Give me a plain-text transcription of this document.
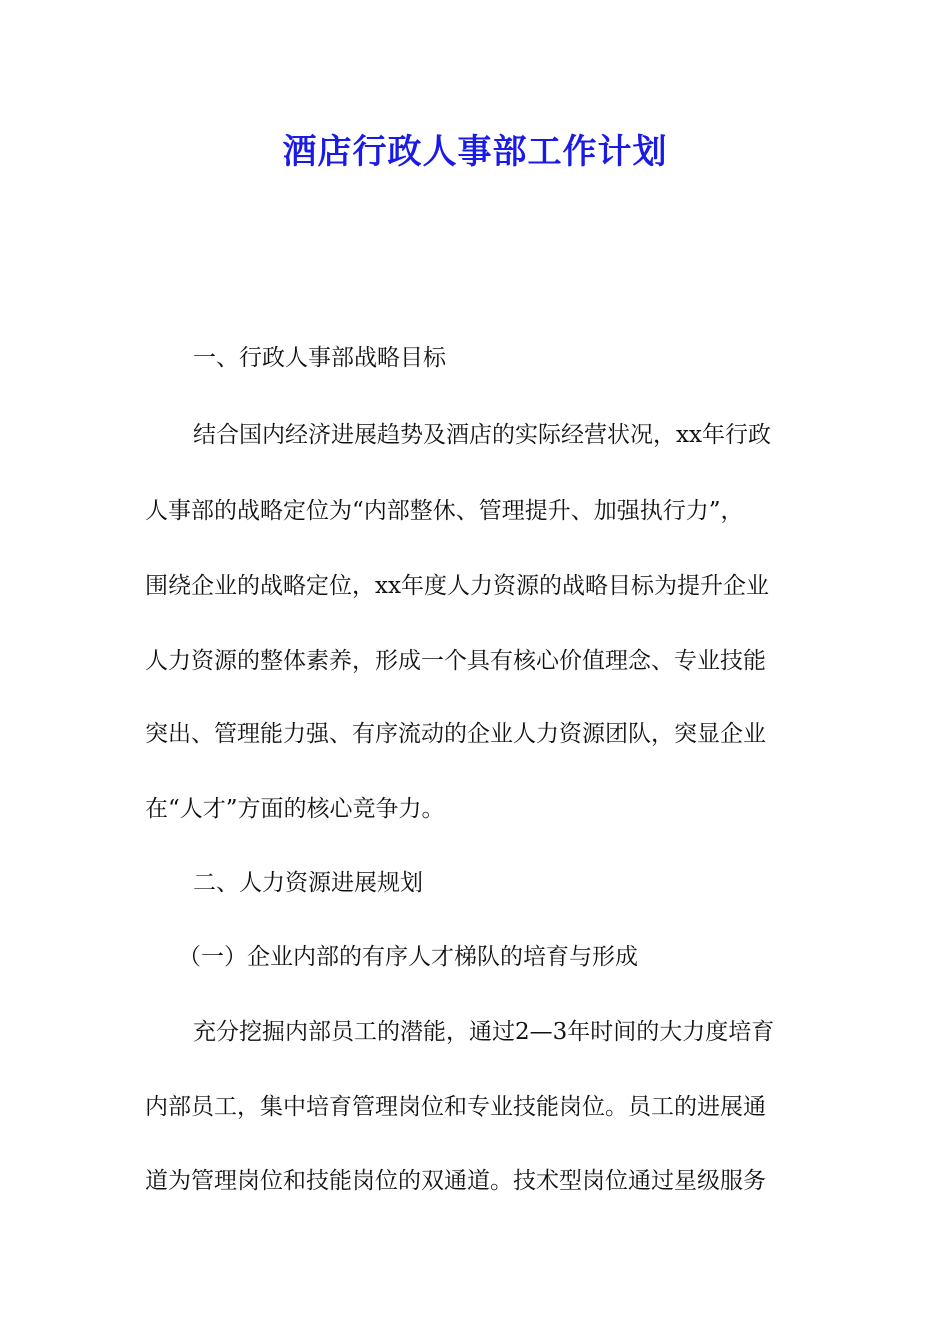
酒店行政人事部工作计划

一、行政人事部战略目标

结合国内经济进展趋势及酒店的实际经营状况，xx年行政

人事部的战略定位为“内部整休、管理提升、加强执行力”，

围绕企业的战略定位，xx年度人力资源的战略目标为提升企业

人力资源的整体素养，形成一个具有核心价值理念、专业技能

突出、管理能力强、有序流动的企业人力资源团队，突显企业

在“人才”方面的核心竞争力。

二、人力资源进展规划

（一）企业内部的有序人才梯队的培育与形成

充分挖掘内部员工的潜能，通过2—3年时间的大力度培育

内部员工，集中培育管理岗位和专业技能岗位。员工的进展通

道为管理岗位和技能岗位的双通道。技术型岗位通过星级服务
